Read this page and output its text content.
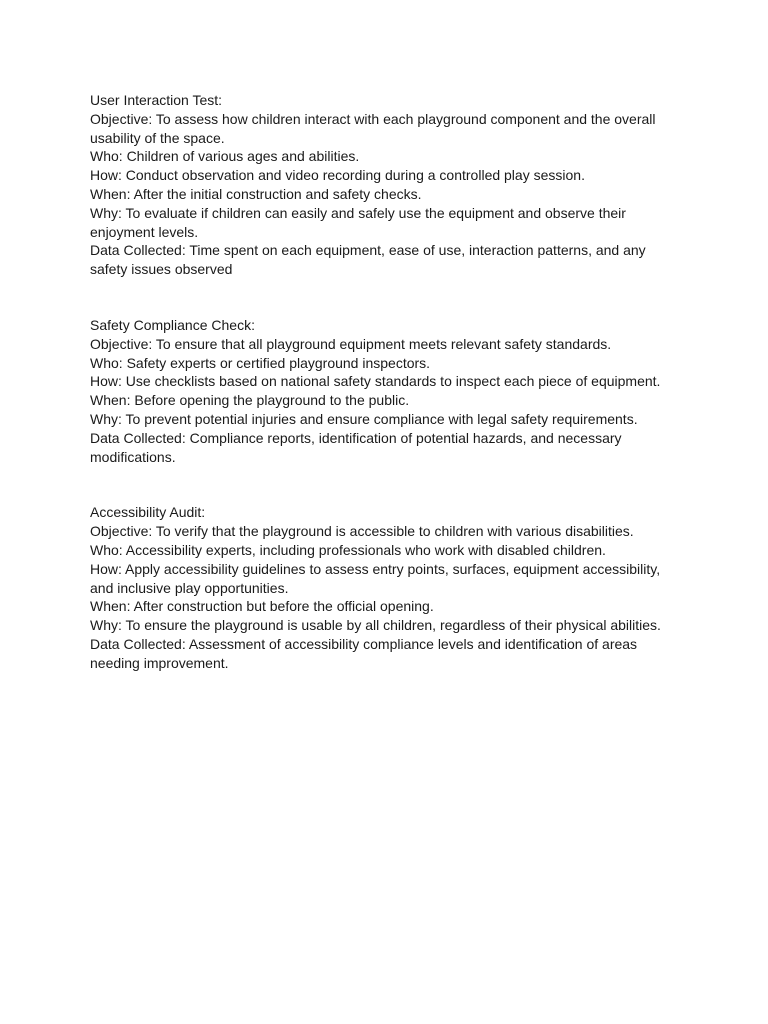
User Interaction Test:

Objective: To assess how children interact with each playground component and the overall

usability of the space.

Who: Children of various ages and abilities.

How: Conduct observation and video recording during a controlled play session.

When: After the initial construction and safety checks.

Why: To evaluate if children can easily and safely use the equipment and observe their

enjoyment levels.

Data Collected: Time spent on each equipment, ease of use, interaction patterns, and any

safety issues observed

Safety Compliance Check:

Objective: To ensure that all playground equipment meets relevant safety standards.

Who: Safety experts or certified playground inspectors.

How: Use checklists based on national safety standards to inspect each piece of equipment.

When: Before opening the playground to the public.

Why: To prevent potential injuries and ensure compliance with legal safety requirements.

Data Collected: Compliance reports, identification of potential hazards, and necessary

modifications.

Accessibility Audit:

Objective: To verify that the playground is accessible to children with various disabilities.

Who: Accessibility experts, including professionals who work with disabled children.

How: Apply accessibility guidelines to assess entry points, surfaces, equipment accessibility,

and inclusive play opportunities.

When: After construction but before the official opening.

Why: To ensure the playground is usable by all children, regardless of their physical abilities.

Data Collected: Assessment of accessibility compliance levels and identification of areas

needing improvement.
